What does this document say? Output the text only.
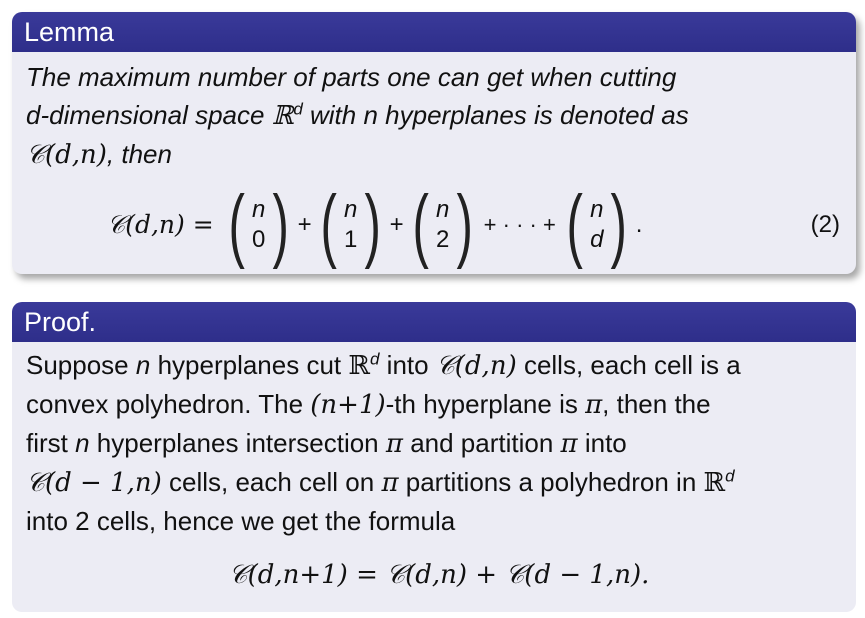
Lemma
The maximum number of parts one can get when cutting
d-dimensional space ℝ$^d$ with n hyperplanes is denoted as
𝒞(d,n), then
𝒞(d,n) = ( n
0 ) + ( n
1 ) + ( n
2 ) + · · · + ( n
d ) .	(2)
Proof.
Suppose n hyperplanes cut ℝ$^d$ into 𝒞(d,n) cells, each cell is a
convex polyhedron. The (n+1)-th hyperplane is π, then the
first n hyperplanes intersection π and partition π into
𝒞(d − 1,n) cells, each cell on π partitions a polyhedron in ℝ$^d$
into 2 cells, hence we get the formula
𝒞(d,n+1) = 𝒞(d,n) + 𝒞(d − 1,n).
